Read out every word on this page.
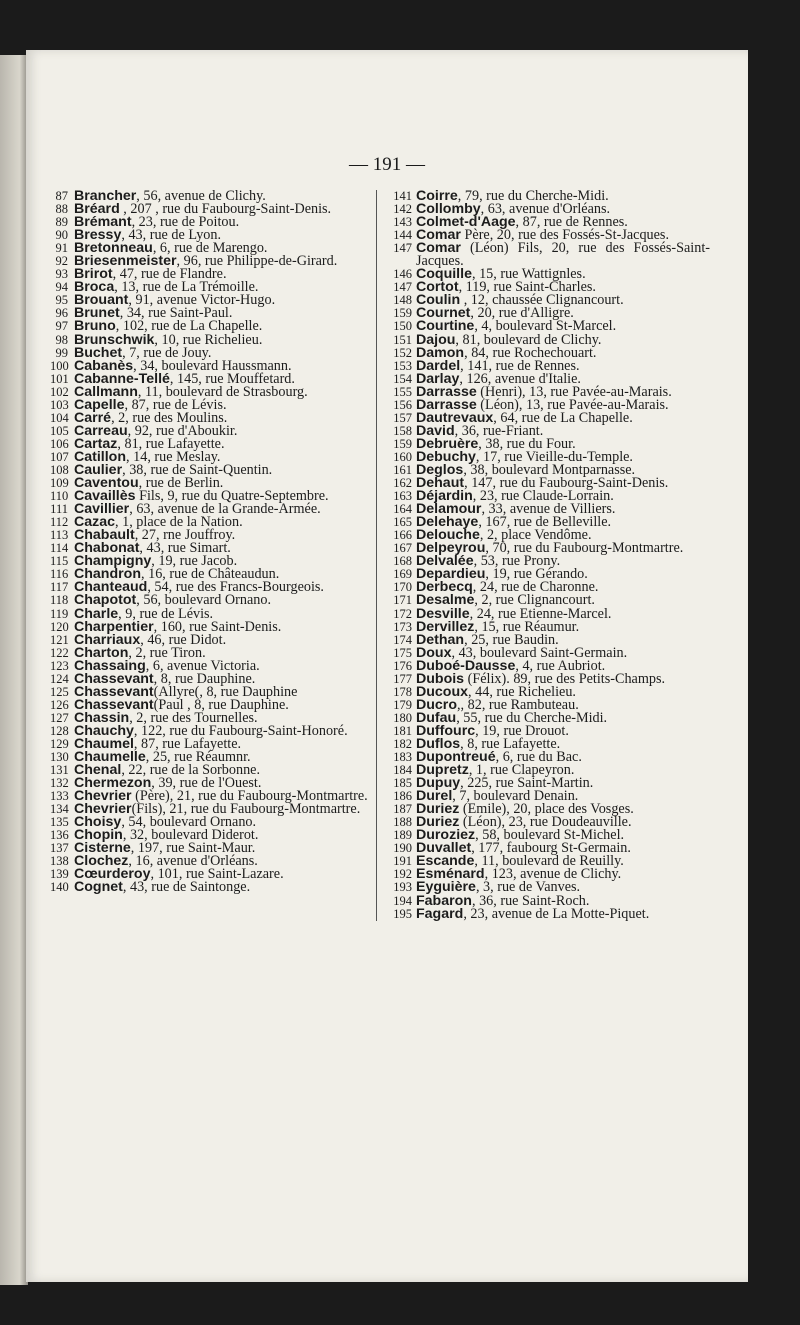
— 191 —
87 Brancher, 56, avenue de Clichy.
88 Bréard , 207 , rue du Faubourg-Saint-Denis.
89 Brémant, 23, rue de Poitou.
90 Bressy, 43, rue de Lyon.
91 Bretonneau, 6, rue de Marengo.
92 Briesenmeister, 96, rue Philippe-de-Girard.
93 Brirot, 47, rue de Flandre.
94 Broca, 13, rue de La Trémoille.
95 Brouant, 91, avenue Victor-Hugo.
96 Brunet, 34, rue Saint-Paul.
97 Bruno, 102, rue de La Chapelle.
98 Brunschwik, 10, rue Richelieu.
99 Buchet, 7, rue de Jouy.
100 Cabanès, 34, boulevard Haussmann.
101 Cabanne-Tellé, 145, rue Mouffetard.
102 Callmann, 11, boulevard de Strasbourg.
103 Capelle, 87, rue de Lévis.
104 Carré, 2, rue des Moulins.
105 Carreau, 92, rue d'Aboukir.
106 Cartaz, 81, rue Lafayette.
107 Catillon, 14, rue Meslay.
108 Caulier, 38, rue de Saint-Quentin.
109 Caventou, rue de Berlin.
110 Cavaillès Fils, 9, rue du Quatre-Septembre.
111 Cavillier, 63, avenue de la Grande-Armée.
112 Cazac, 1, place de la Nation.
113 Chabault, 27, rne Jouffroy.
114 Chabonat, 43, rue Simart.
115 Champigny, 19, rue Jacob.
116 Chandron, 16, rue de Châteaudun.
117 Chanteaud, 54, rue des Francs-Bourgeois.
118 Chapotot, 56, boulevard Ornano.
119 Charle, 9, rue de Lévis.
120 Charpentier, 160, rue Saint-Denis.
121 Charriaux, 46, rue Didot.
122 Charton, 2, rue Tiron.
123 Chassaing, 6, avenue Victoria.
124 Chassevant, 8, rue Dauphine.
125 Chassevant(Allyre(, 8, rue Dauphine
126 Chassevant(Paul , 8, rue Dauphine.
127 Chassin, 2, rue des Tournelles.
128 Chauchy, 122, rue du Faubourg-Saint-Honoré.
129 Chaumel, 87, rue Lafayette.
130 Chaumelle, 25, rue Réaumnr.
131 Chenal, 22, rue de la Sorbonne.
132 Chermezon, 39, rue de l'Ouest.
133 Chevrier (Père), 21, rue du Faubourg-Montmartre.
134 Chevrier(Fils), 21, rue du Faubourg-Montmartre.
135 Choisy, 54, boulevard Ornano.
136 Chopin, 32, boulevard Diderot.
137 Cisterne, 197, rue Saint-Maur.
138 Clochez, 16, avenue d'Orléans.
139 Cœurderoy, 101, rue Saint-Lazare.
140 Cognet, 43, rue de Saintonge.
141 Coirre, 79, rue du Cherche-Midi.
142 Collomby, 63, avenue d'Orléans.
143 Colmet-d'Aage, 87, rue de Rennes.
144 Comar Père, 20, rue des Fossés-St-Jacques.
147 Comar (Léon) Fils, 20, rue des Fossés-Saint-Jacques.
146 Coquille, 15, rue Wattignles.
147 Cortot, 119, rue Saint-Charles.
148 Coulin , 12, chaussée Clignancourt.
159 Cournet, 20, rue d'Alligre.
150 Courtine, 4, boulevard St-Marcel.
151 Dajou, 81, boulevard de Clichy.
152 Damon, 84, rue Rochechouart.
153 Dardel, 141, rue de Rennes.
154 Darlay, 126, avenue d'Italie.
155 Darrasse (Henri), 13, rue Pavée-au-Marais.
156 Darrasse (Léon), 13, rue Pavée-au-Marais.
157 Dautrevaux, 64, rue de La Chapelle.
158 David, 36, rue-Friant.
159 Debruère, 38, rue du Four.
160 Debuchy, 17, rue Vieille-du-Temple.
161 Deglos, 38, boulevard Montparnasse.
162 Dehaut, 147, rue du Faubourg-Saint-Denis.
163 Déjardin, 23, rue Claude-Lorrain.
164 Delamour, 33, avenue de Villiers.
165 Delehaye, 167, rue de Belleville.
166 Delouche, 2, place Vendôme.
167 Delpeyrou, 70, rue du Faubourg-Montmartre.
168 Delvalée, 53, rue Prony.
169 Depardieu, 19, rue Gérando.
170 Derbecq, 24, rue de Charonne.
171 Desalme, 2, rue Clignancourt.
172 Desville, 24, rue Etienne-Marcel.
173 Dervillez, 15, rue Réaumur.
174 Dethan, 25, rue Baudin.
175 Doux, 43, boulevard Saint-Germain.
176 Duboé-Dausse, 4, rue Aubriot.
177 Dubois (Félix). 89, rue des Petits-Champs.
178 Ducoux, 44, rue Richelieu.
179 Ducro,, 82, rue Rambuteau.
180 Dufau, 55, rue du Cherche-Midi.
181 Duffourc, 19, rue Drouot.
182 Duflos, 8, rue Lafayette.
183 Dupontreué, 6, rue du Bac.
184 Dupretz, 1, rue Clapeyron.
185 Dupuy, 225, rue Saint-Martin.
186 Durel, 7, boulevard Denain.
187 Duriez (Emile), 20, place des Vosges.
188 Duriez (Léon), 23, rue Doudeauville.
189 Duroziez, 58, boulevard St-Michel.
190 Duvallet, 177, faubourg St-Germain.
191 Escande, 11, boulevard de Reuilly.
192 Esménard, 123, avenue de Clichy.
193 Eyguière, 3, rue de Vanves.
194 Fabaron, 36, rue Saint-Roch.
195 Fagard, 23, avenue de La Motte-Piquet.
